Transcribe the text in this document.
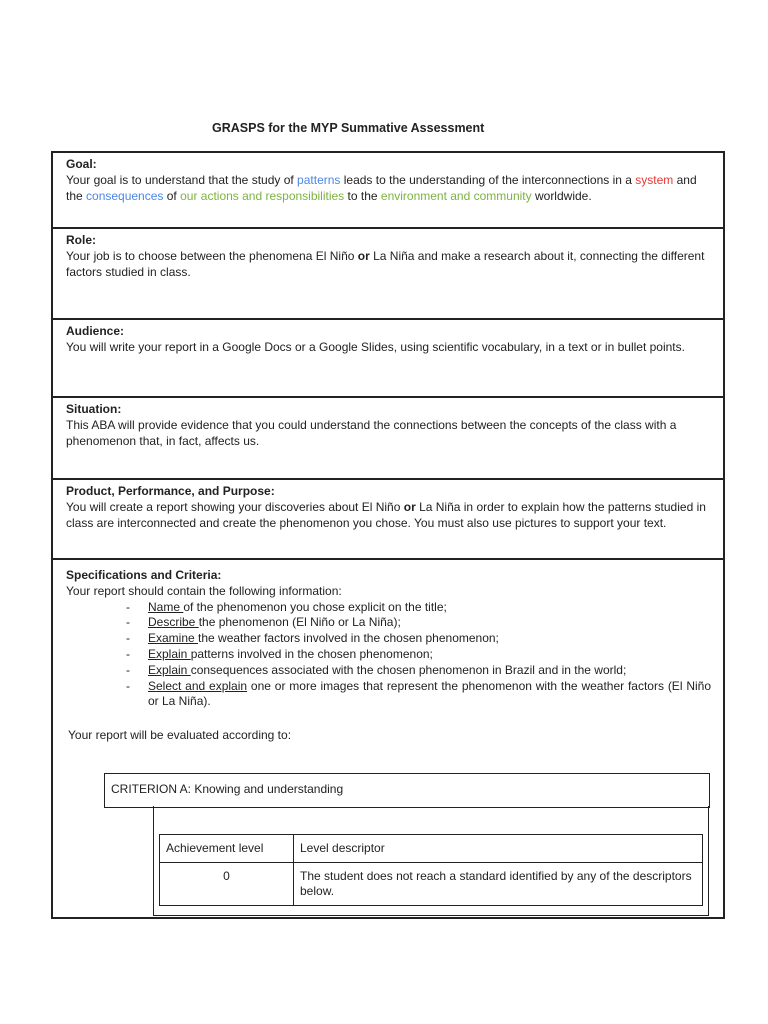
GRASPS for the MYP Summative Assessment
Goal:
Your goal is to understand that the study of patterns leads to the understanding of the interconnections in a system and the consequences of our actions and responsibilities to the environment and community worldwide.
Role:
Your job is to choose between the phenomena El Niño or La Niña and make a research about it, connecting the different factors studied in class.
Audience:
You will write your report in a Google Docs or a Google Slides, using scientific vocabulary, in a text or in bullet points.
Situation:
This ABA will provide evidence that you could understand the connections between the concepts of the class with a phenomenon that, in fact, affects us.
Product, Performance, and Purpose:
You will create a report showing your discoveries about El Niño or La Niña in order to explain how the patterns studied in class are interconnected and create the phenomenon you chose. You must also use pictures to support your text.
Specifications and Criteria:
Your report should contain the following information:
- Name of the phenomenon you chose explicit on the title;
- Describe the phenomenon (El Niño or La Niña);
- Examine the weather factors involved in the chosen phenomenon;
- Explain patterns involved in the chosen phenomenon;
- Explain consequences associated with the chosen phenomenon in Brazil and in the world;
- Select and explain one or more images that represent the phenomenon with the weather factors (El Niño or La Niña).
Your report will be evaluated according to:
CRITERION A: Knowing and understanding
Achievement level	Level descriptor
0	The student does not reach a standard identified by any of the descriptors below.
